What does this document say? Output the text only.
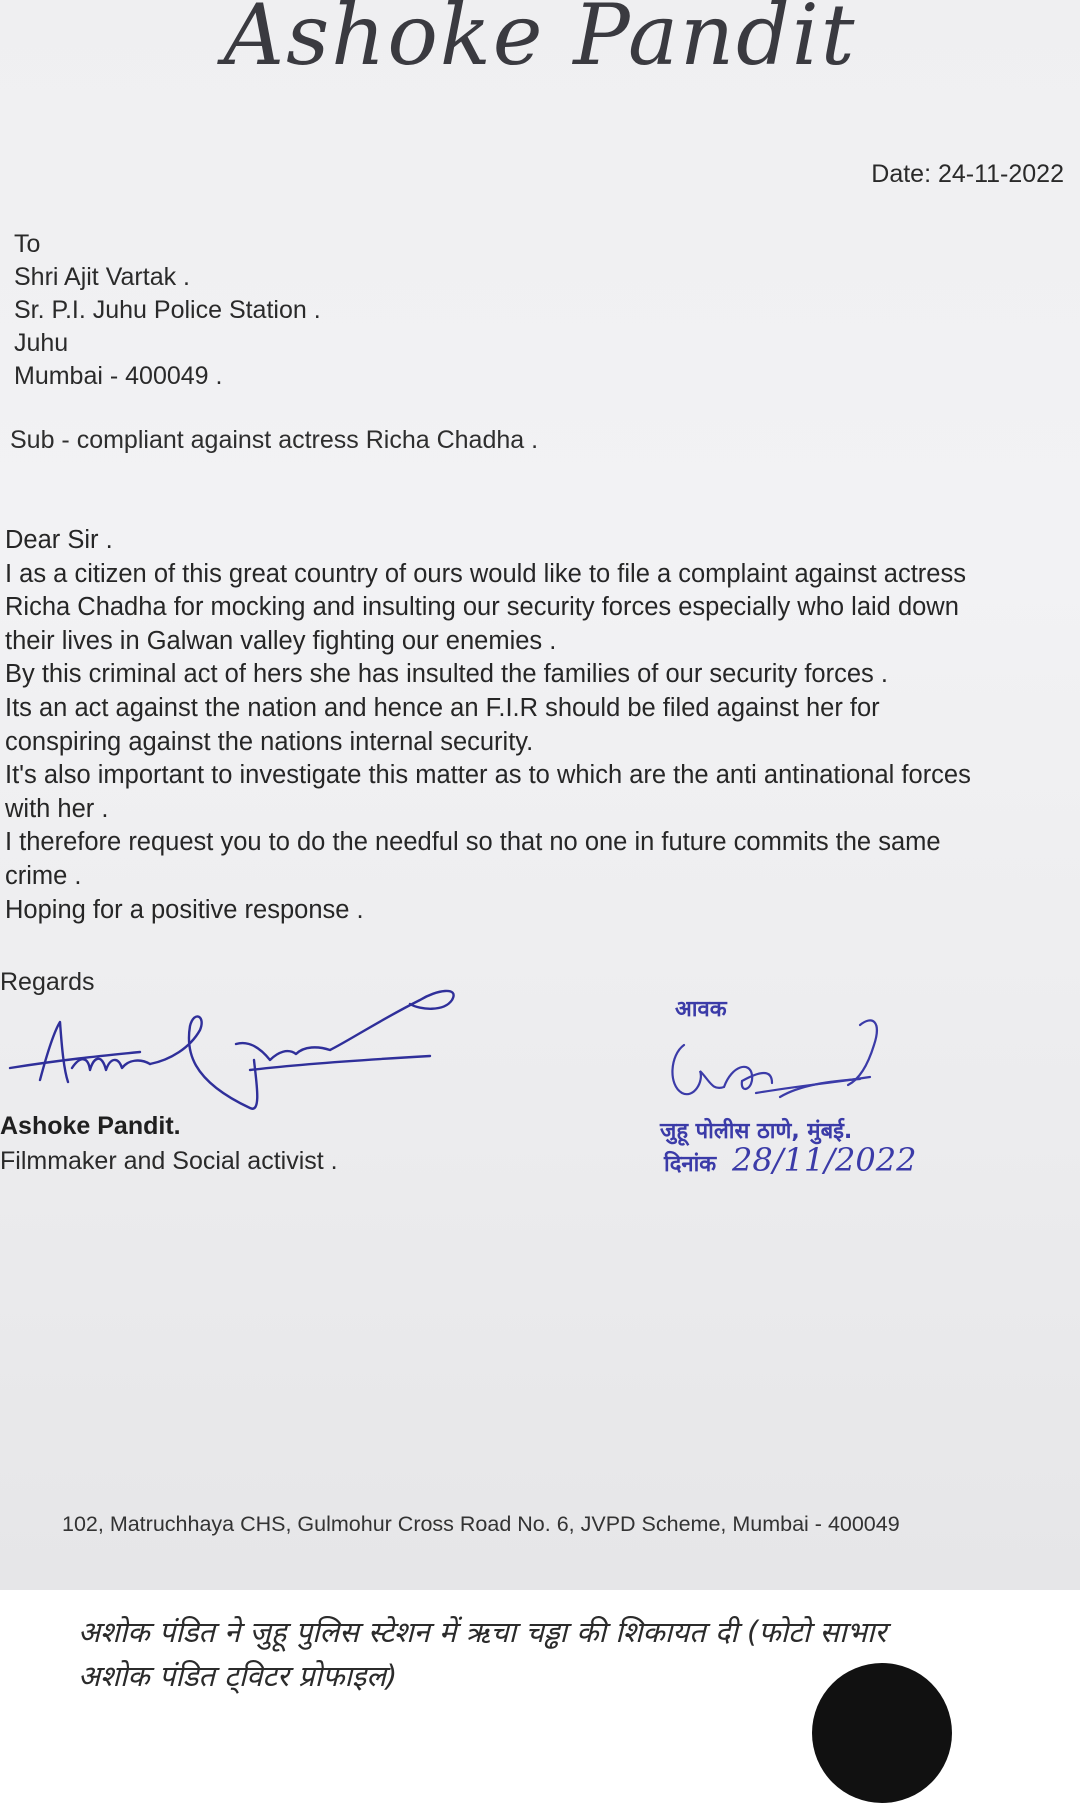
Ashoke Pandit
Date: 24-11-2022
To
Shri Ajit Vartak .
Sr. P.I. Juhu Police Station .
Juhu
Mumbai - 400049 .
Sub - compliant against actress Richa Chadha .
Dear Sir .
I as a citizen of this great country of ours would like to file a complaint against actress
Richa Chadha for mocking and insulting our security forces especially who laid down
their lives in Galwan valley fighting our enemies .
By this criminal act of hers she has insulted the families of our security forces .
Its an act against the nation and hence an F.I.R should be filed against her for
conspiring against the nations internal security.
It's also important to investigate this matter as to which are the anti antinational forces
with her .
I therefore request you to do the needful so that no one in future commits the same
crime .
Hoping for a positive response .
Regards
Ashoke Pandit.
Filmmaker and Social activist .
आवक
जुहू पोलीस ठाणे, मुंबई.
दिनांक 28/11/2022
102, Matruchhaya CHS, Gulmohur Cross Road No. 6, JVPD Scheme, Mumbai - 400049
अशोक पंडित ने जुहू पुलिस स्टेशन में ऋचा चड्ढा की शिकायत दी (फोटो साभार
अशोक पंडित ट्विटर प्रोफाइल)
